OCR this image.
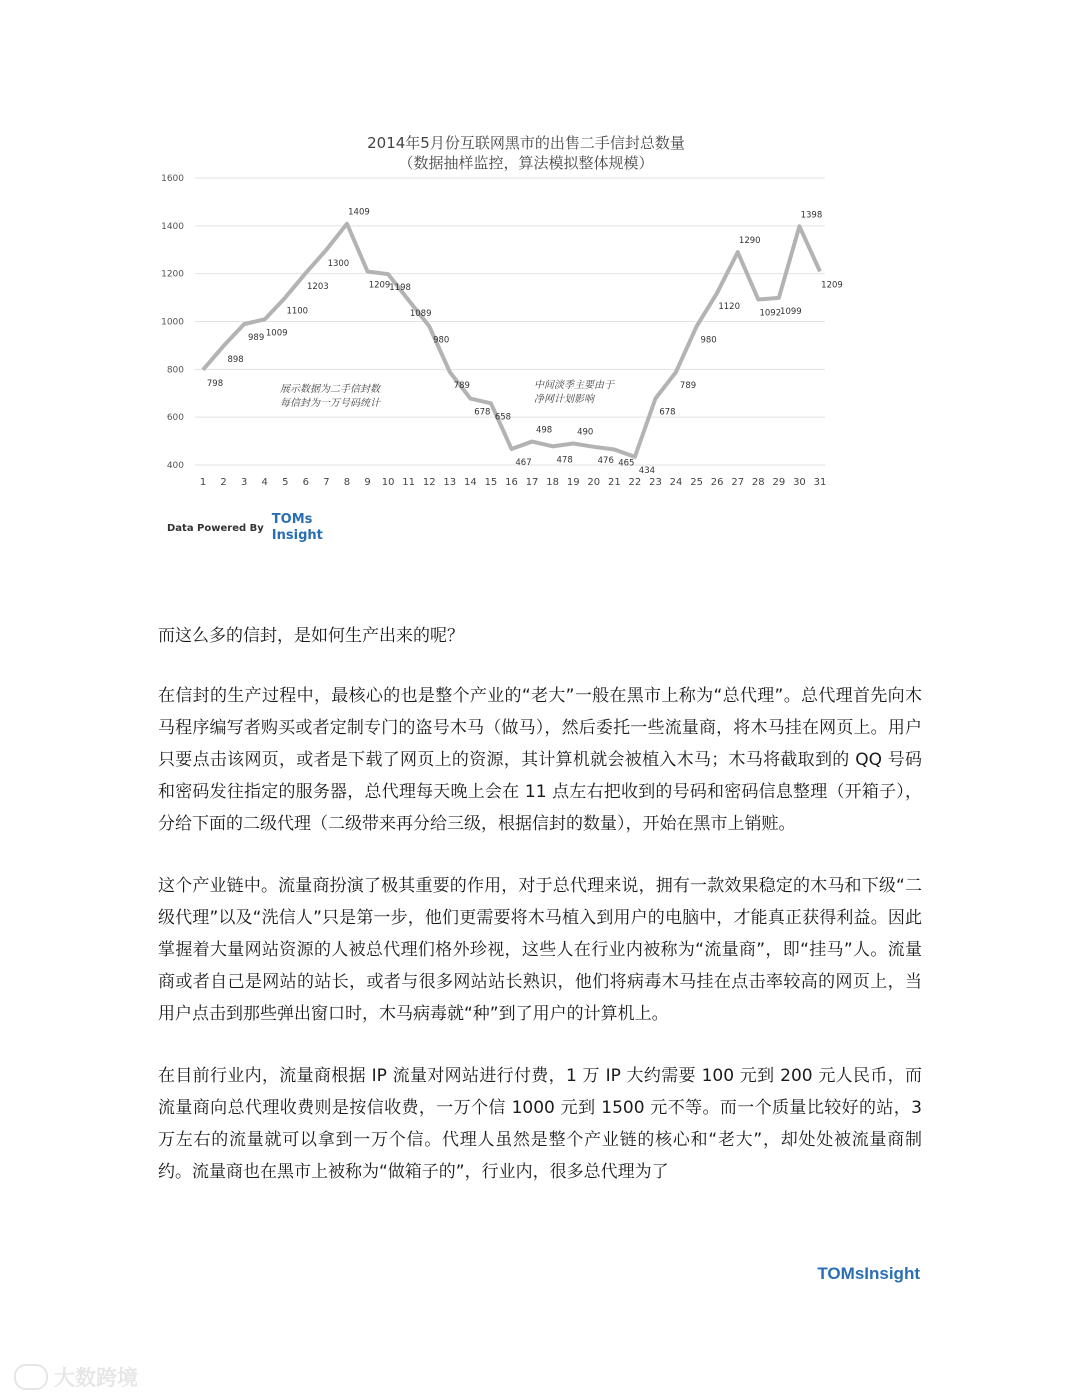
2014年5月份互联网黑市的出售二手信封总数量
（数据抽样监控，算法模拟整体规模）
400
600
800
1000
1200
1400
1600
1 2 3 4 5 6 7 8 9 10 11 12 13 14 15 16 17 18 19 20 21 22 23 24 25 26 27 28 29 30 31
798
898
989 1009
1100
1203
1300
1409
1209
1198
1089
980
789
678 658
467
498
478
490
476 465
434
678
789
980
1120
1290
1092
1099
1398
1209
展示数据为二手信封数
每信封为一万号码统计
中间淡季主要由于
净网计划影响
Data Powered By
TOMs Insight

而这么多的信封，是如何生产出来的呢？

在信封的生产过程中，最核心的也是整个产业的“老大”一般在黑市上称为“总代理”。总代理首先向木马程序编写者购买或者定制专门的盗号木马（做马），然后委托一些流量商，将木马挂在网页上。用户只要点击该网页，或者是下载了网页上的资源，其计算机就会被植入木马；木马将截取到的 QQ 号码和密码发往指定的服务器，总代理每天晚上会在 11 点左右把收到的号码和密码信息整理（开箱子），分给下面的二级代理（二级带来再分给三级，根据信封的数量），开始在黑市上销赃。

这个产业链中。流量商扮演了极其重要的作用，对于总代理来说，拥有一款效果稳定的木马和下级“二级代理”以及“洗信人”只是第一步，他们更需要将木马植入到用户的电脑中，才能真正获得利益。因此掌握着大量网站资源的人被总代理们格外珍视，这些人在行业内被称为“流量商”，即“挂马”人。流量商或者自己是网站的站长，或者与很多网站站长熟识，他们将病毒木马挂在点击率较高的网页上，当用户点击到那些弹出窗口时，木马病毒就“种”到了用户的计算机上。

在目前行业内，流量商根据 IP 流量对网站进行付费，1 万 IP 大约需要 100 元到 200 元人民币，而流量商向总代理收费则是按信收费，一万个信 1000 元到 1500 元不等。而一个质量比较好的站，3 万左右的流量就可以拿到一万个信。代理人虽然是整个产业链的核心和“老大”，却处处被流量商制约。流量商也在黑市上被称为“做箱子的”，行业内，很多总代理为了

TOMsInsight
大数跨境
